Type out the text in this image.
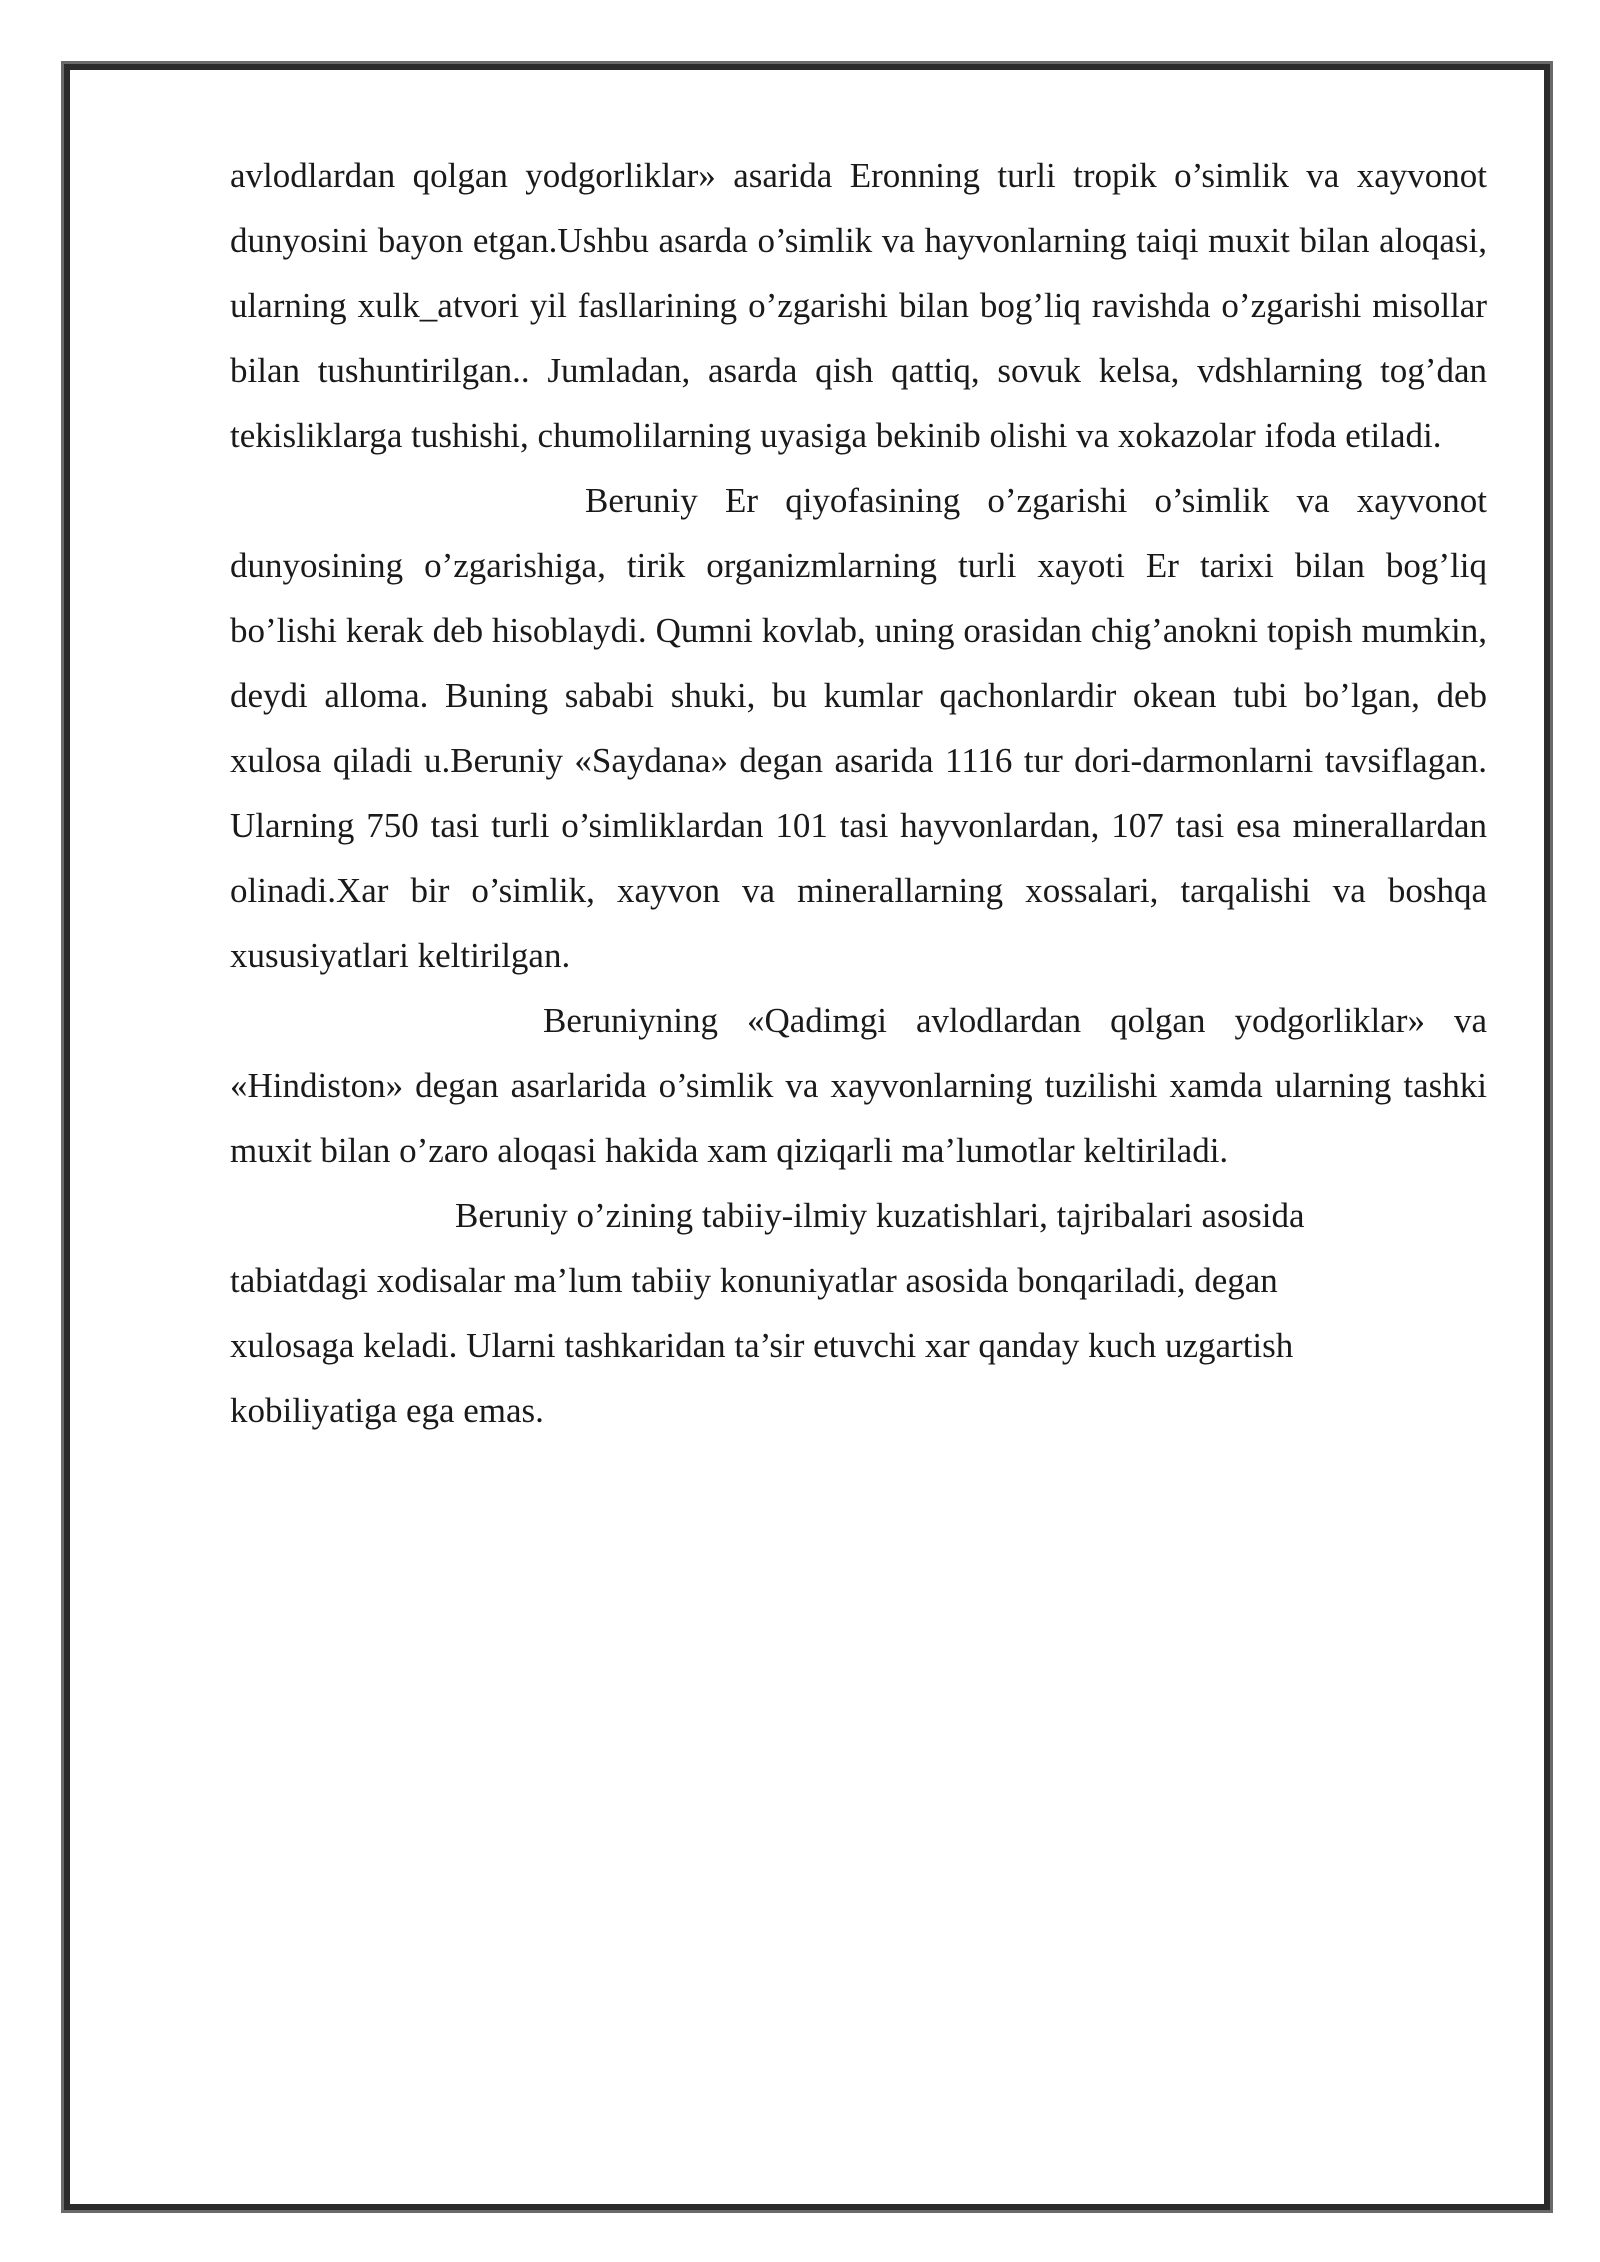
avlodlardan qolgan yodgorliklar» asarida Eronning turli tropik o’simlik va xayvonot dunyosini bayon etgan.Ushbu asarda o’simlik va hayvonlarning taiqi muxit bilan aloqasi, ularning xulk_atvori yil fasllarining o’zgarishi bilan bog’liq ravishda o’zgarishi misollar bilan tushuntirilgan.. Jumladan, asarda qish qattiq, sovuk kelsa, vdshlarning tog’dan tekisliklarga tushishi, chumolilarning uyasiga bekinib olishi va xokazolar ifoda etiladi.

Beruniy Er qiyofasining o’zgarishi o’simlik va xayvonot dunyosining o’zgarishiga, tirik organizmlarning turli xayoti Er tarixi bilan bog’liq bo’lishi kerak deb hisoblaydi. Qumni kovlab, uning orasidan chig’anokni topish mumkin, deydi alloma. Buning sababi shuki, bu kumlar qachonlardir okean tubi bo’lgan, deb xulosa qiladi u.Beruniy «Saydana» degan asarida 1116 tur dori-darmonlarni tavsiflagan. Ularning 750 tasi turli o’simliklardan 101 tasi hayvonlardan, 107 tasi esa minerallardan olinadi.Xar bir o’simlik, xayvon va minerallarning xossalari, tarqalishi va boshqa xususiyatlari keltirilgan.

Beruniyning «Qadimgi avlodlardan qolgan yodgorliklar» va «Hindiston» degan asarlarida o’simlik va xayvonlarning tuzilishi xamda ularning tashki muxit bilan o’zaro aloqasi hakida xam qiziqarli ma’lumotlar keltiriladi.

Beruniy o’zining tabiiy-ilmiy kuzatishlari, tajribalari asosida tabiatdagi xodisalar ma’lum tabiiy konuniyatlar asosida bonqariladi, degan xulosaga keladi. Ularni tashkaridan ta’sir etuvchi xar qanday kuch uzgartish kobiliyatiga ega emas.
